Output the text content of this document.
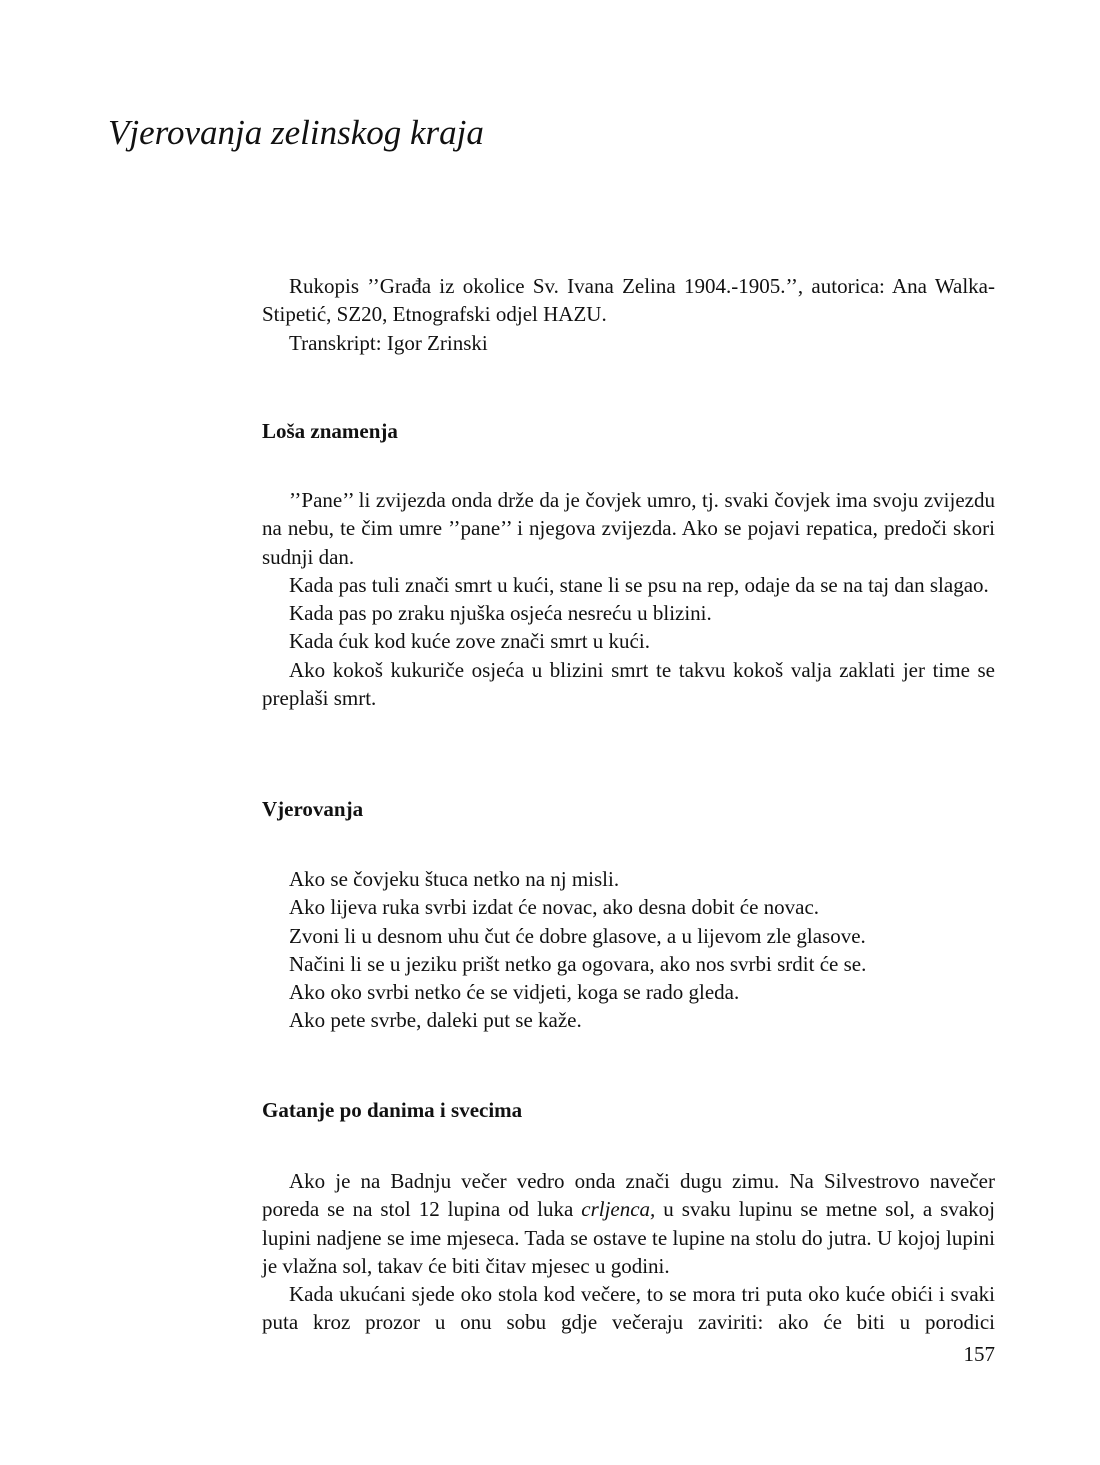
Vjerovanja zelinskog kraja

Rukopis ’’Građa iz okolice Sv. Ivana Zelina 1904.-1905.’’, autorica: Ana Walka-Stipetić, SZ20, Etnografski odjel HAZU.

Transkript: Igor Zrinski

Loša znamenja

’’Pane’’ li zvijezda onda drže da je čovjek umro, tj. svaki čovjek ima svoju zvijezdu na nebu, te čim umre ’’pane’’ i njegova zvijezda. Ako se pojavi repatica, predoči skori sudnji dan.

Kada pas tuli znači smrt u kući, stane li se psu na rep, odaje da se na taj dan slagao.

Kada pas po zraku njuška osjeća nesreću u blizini.

Kada ćuk kod kuće zove znači smrt u kući.

Ako kokoš kukuriče osjeća u blizini smrt te takvu kokoš valja zaklati jer time se preplaši smrt.

Vjerovanja

Ako se čovjeku štuca netko na nj misli.

Ako lijeva ruka svrbi izdat će novac, ako desna dobit će novac.

Zvoni li u desnom uhu čut će dobre glasove, a u lijevom zle glasove.

Načini li se u jeziku prišt netko ga ogovara, ako nos svrbi srdit će se.

Ako oko svrbi netko će se vidjeti, koga se rado gleda.

Ako pete svrbe, daleki put se kaže.

Gatanje po danima i svecima

Ako je na Badnju večer vedro onda znači dugu zimu. Na Silvestrovo navečer poreda se na stol 12 lupina od luka crljenca, u svaku lupinu se metne sol, a svakoj lupini nadjene se ime mjeseca. Tada se ostave te lupine na stolu do jutra. U kojoj lupini je vlažna sol, takav će biti čitav mjesec u godini.

Kada ukućani sjede oko stola kod večere, to se mora tri puta oko kuće obići i svaki puta kroz prozor u onu sobu gdje večeraju zaviriti: ako će biti u porodici

157
